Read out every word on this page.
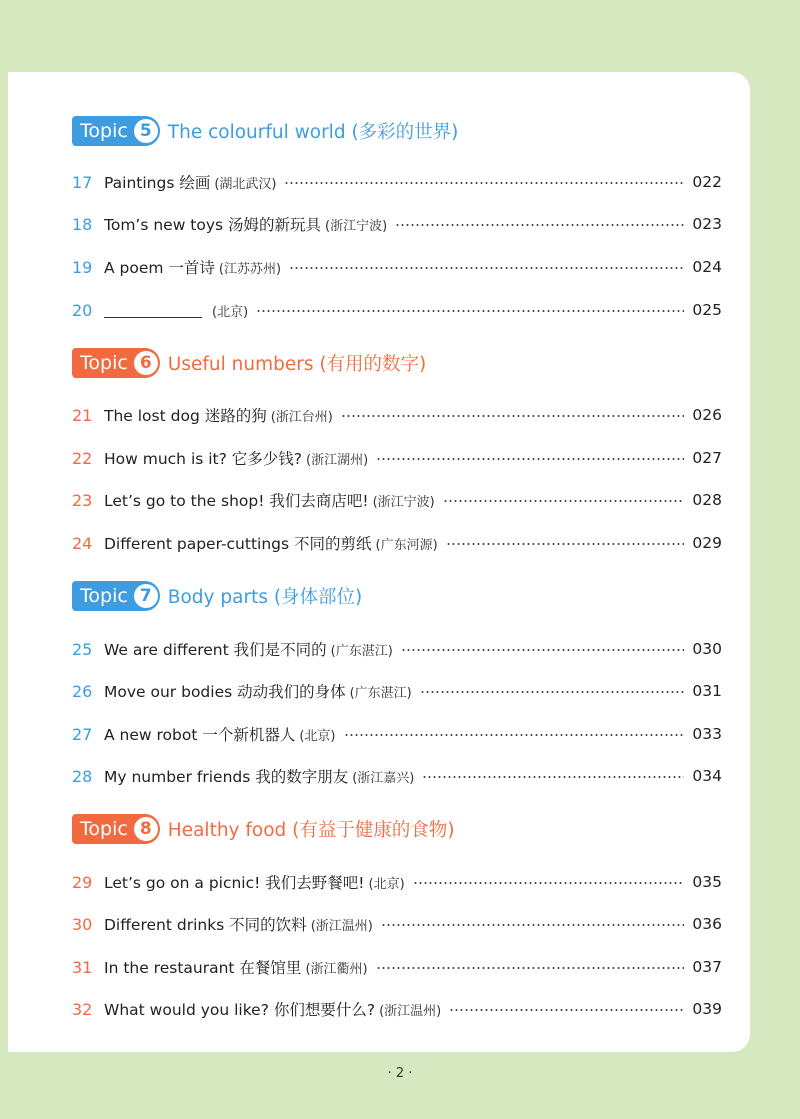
Topic 5 The colourful world (多彩的世界)
17 Paintings 绘画 (湖北武汉)	022
18 Tom’s new toys 汤姆的新玩具 (浙江宁波)	023
19 A poem 一首诗 (江苏苏州)	024
20	(北京)	025
Topic 6 Useful numbers (有用的数字)
21 The lost dog 迷路的狗 (浙江台州)	026
22 How much is it? 它多少钱? (浙江湖州)	027
23 Let’s go to the shop! 我们去商店吧! (浙江宁波)	028
24 Different paper-cuttings 不同的剪纸 (广东河源)	029
Topic 7 Body parts (身体部位)
25 We are different 我们是不同的 (广东湛江)	030
26 Move our bodies 动动我们的身体 (广东湛江)	031
27 A new robot 一个新机器人 (北京)	033
28 My number friends 我的数字朋友 (浙江嘉兴)	034
Topic 8 Healthy food (有益于健康的食物)
29 Let’s go on a picnic! 我们去野餐吧! (北京)	035
30 Different drinks 不同的饮料 (浙江温州)	036
31 In the restaurant 在餐馆里 (浙江衢州)	037
32 What would you like? 你们想要什么? (浙江温州)	039
· 2 ·
